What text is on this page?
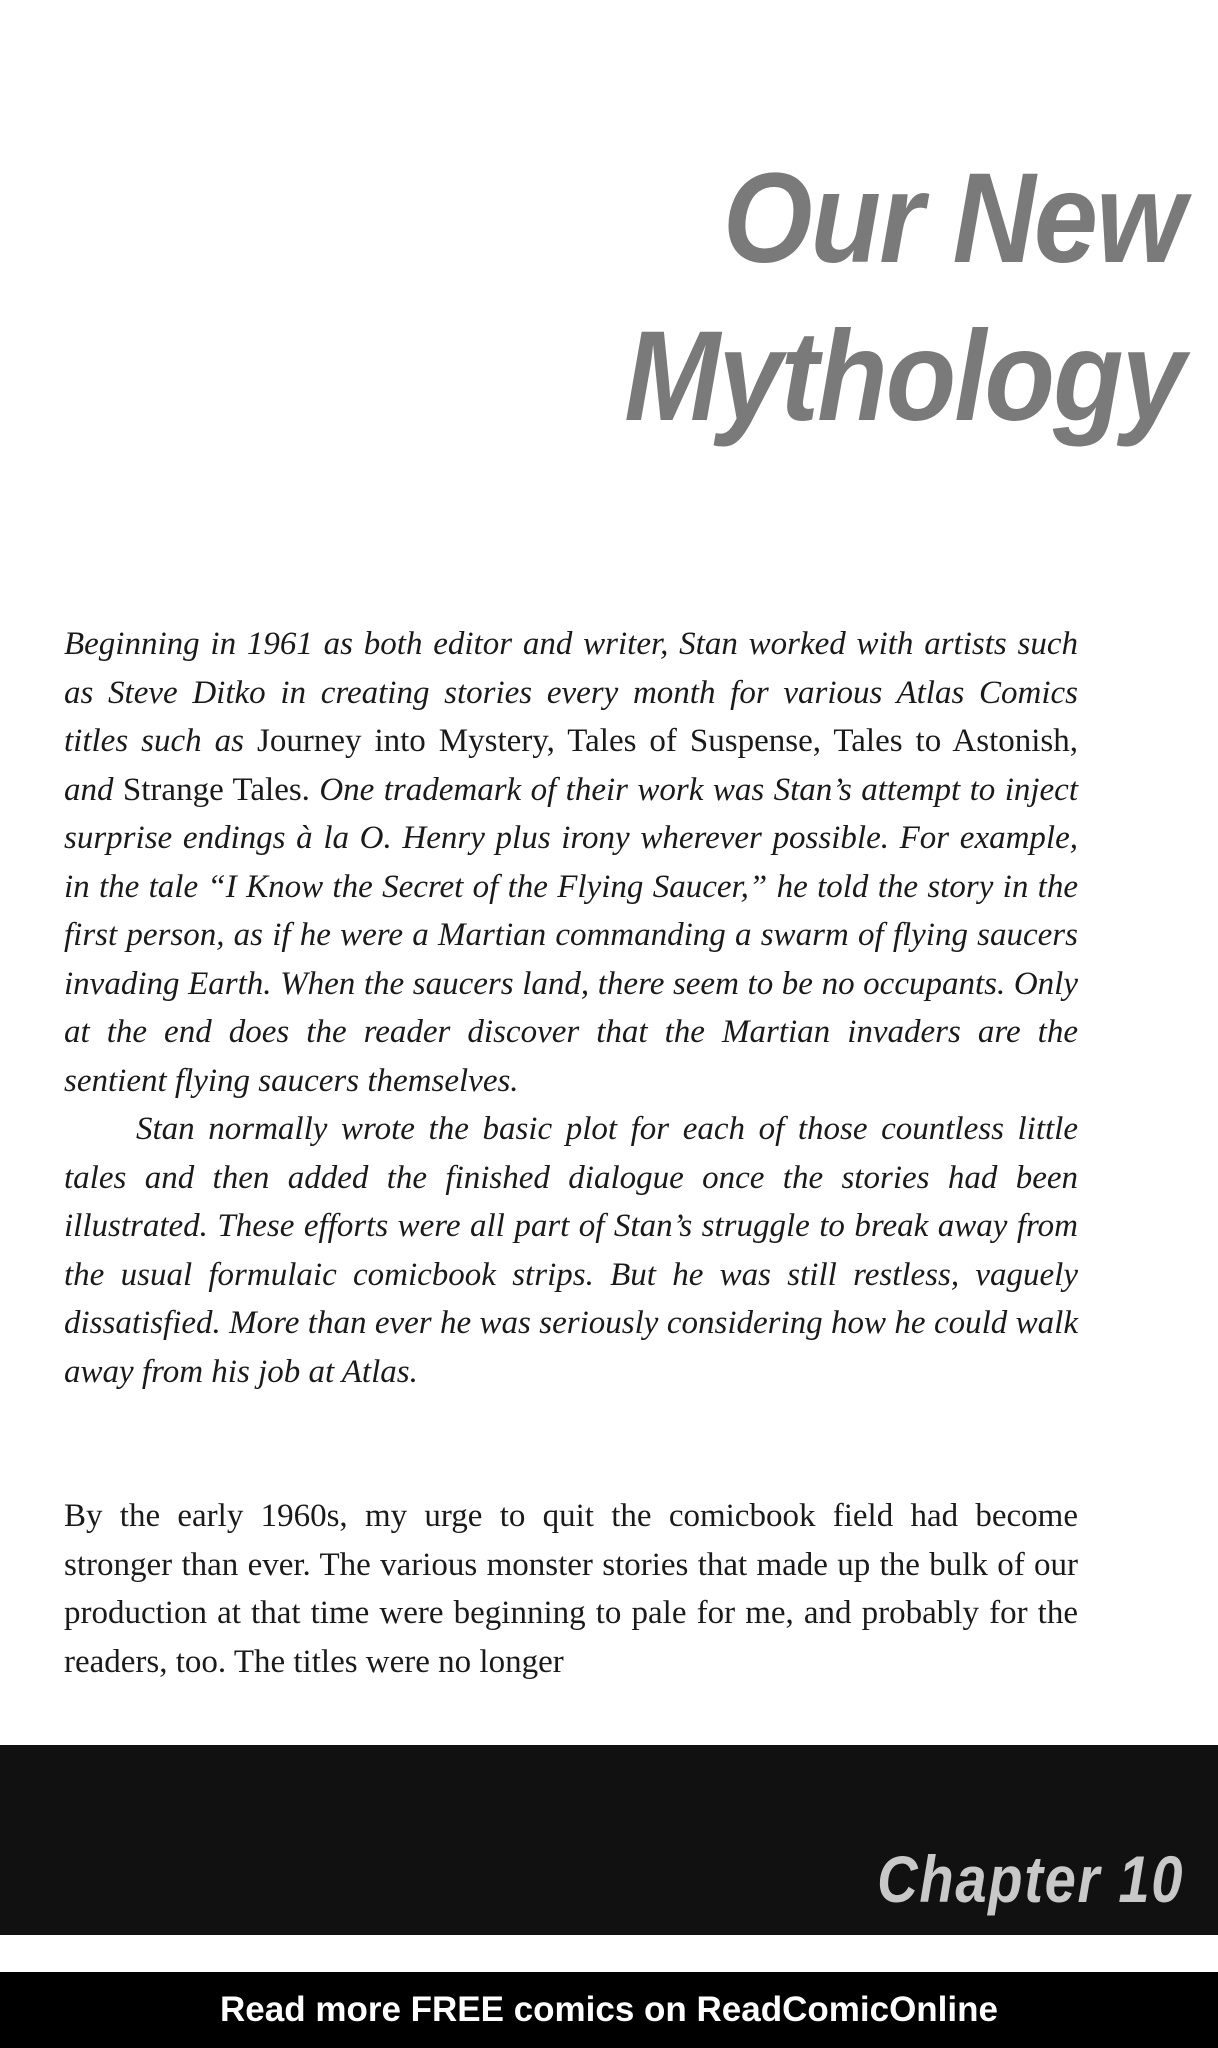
Our New
Mythology

Beginning in 1961 as both editor and writer, Stan worked with artists such as Steve Ditko in creating stories every month for various Atlas Comics titles such as Journey into Mystery, Tales of Suspense, Tales to Astonish, and Strange Tales. One trademark of their work was Stan’s attempt to inject surprise endings à la O. Henry plus irony wherever possible. For example, in the tale “I Know the Secret of the Flying Saucer,” he told the story in the first person, as if he were a Martian commanding a swarm of flying saucers invading Earth. When the saucers land, there seem to be no occupants. Only at the end does the reader discover that the Martian invaders are the sentient flying saucers themselves.

Stan normally wrote the basic plot for each of those countless little tales and then added the finished dialogue once the stories had been illustrated. These efforts were all part of Stan’s struggle to break away from the usual formulaic comicbook strips. But he was still restless, vaguely dissatisfied. More than ever he was seriously considering how he could walk away from his job at Atlas.

By the early 1960s, my urge to quit the comicbook field had become stronger than ever. The various monster stories that made up the bulk of our production at that time were beginning to pale for me, and probably for the readers, too. The titles were no longer

Chapter 10
Read more FREE comics on ReadComicOnline
